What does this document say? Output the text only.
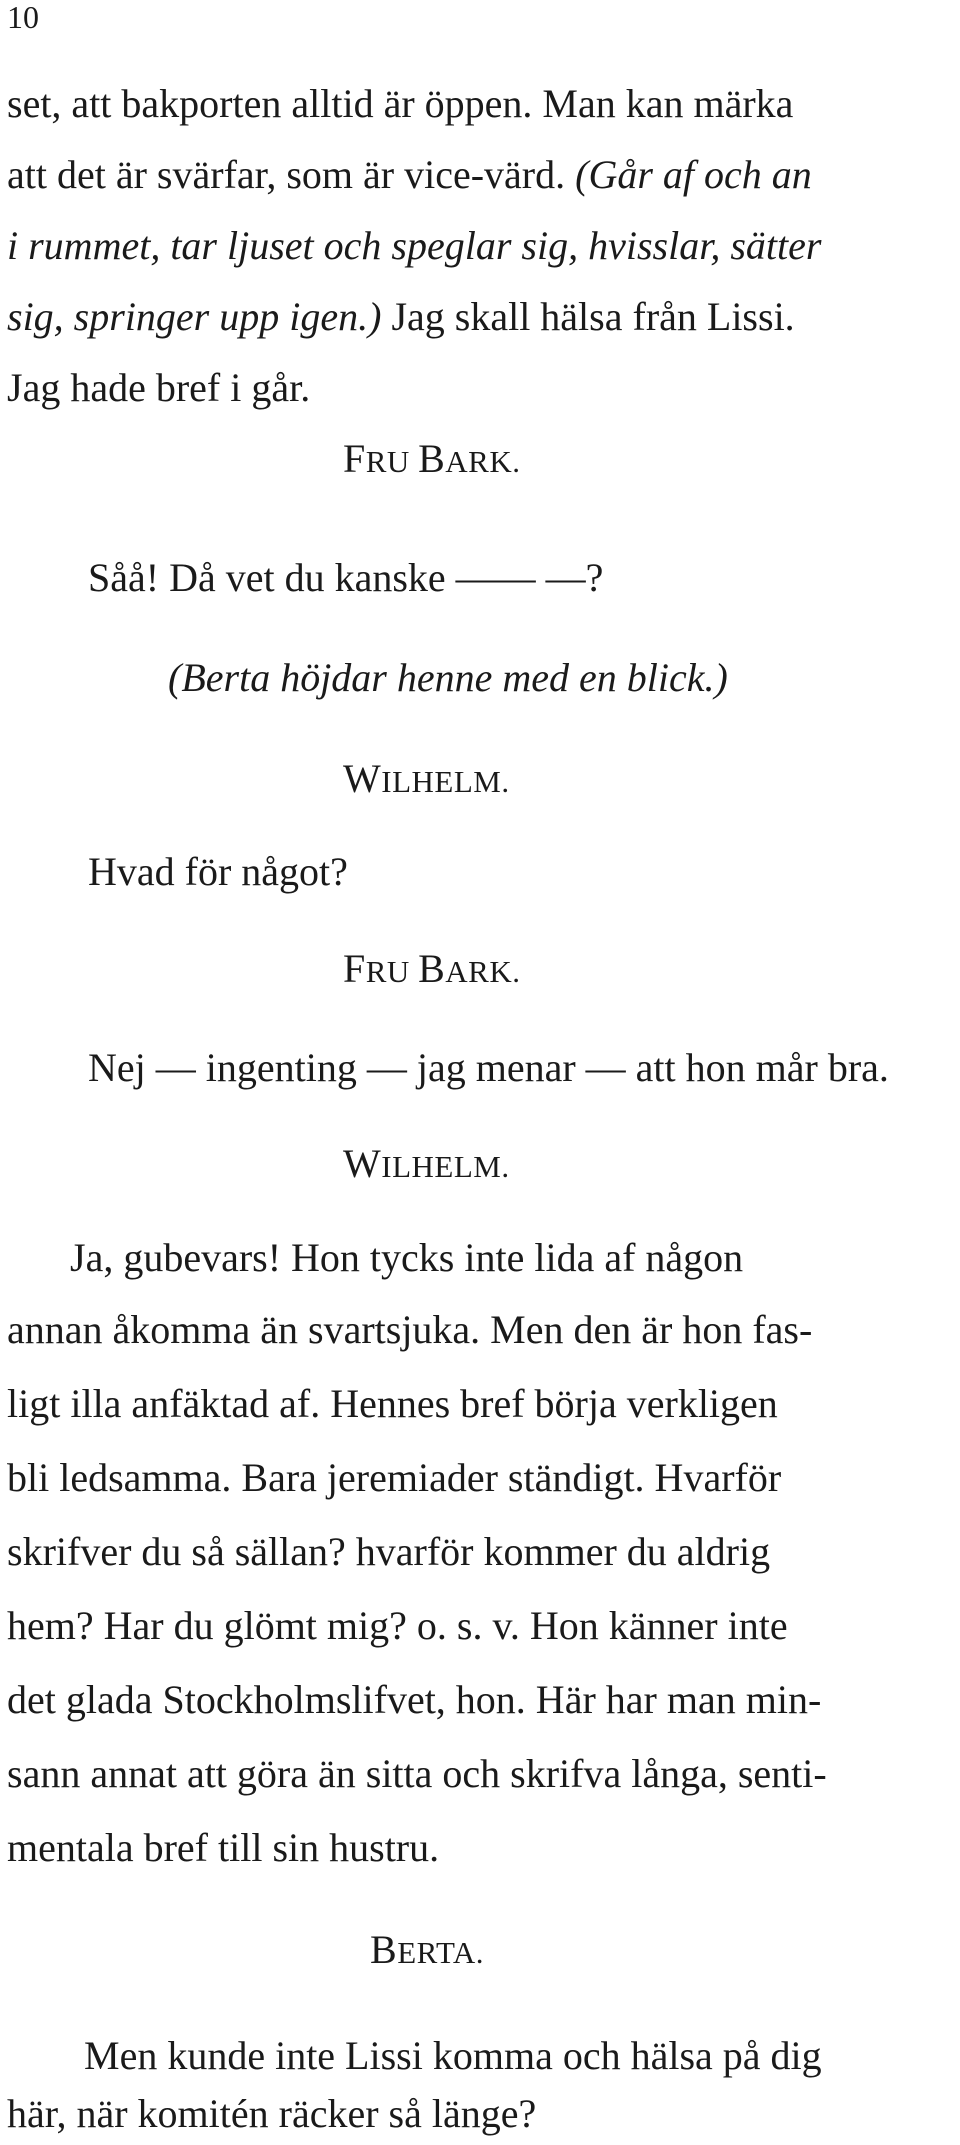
10
set, att bakporten alltid är öppen. Man kan märka
att det är svärfar, som är vice-värd. (Går af och an
i rummet, tar ljuset och speglar sig, hvisslar, sätter
sig, springer upp igen.) Jag skall hälsa från Lissi.
Jag hade bref i går.
FRU BARK.
Såå! Då vet du kanske —— —?
(Berta höjdar henne med en blick.)
WILHELM.
Hvad för något?
FRU BARK.
Nej — ingenting — jag menar — att hon mår bra.
WILHELM.
Ja, gubevars! Hon tycks inte lida af någon
annan åkomma än svartsjuka. Men den är hon fas-
ligt illa anfäktad af. Hennes bref börja verkligen
bli ledsamma. Bara jeremiader ständigt. Hvarför
skrifver du så sällan? hvarför kommer du aldrig
hem? Har du glömt mig? o. s. v. Hon känner inte
det glada Stockholmslifvet, hon. Här har man min-
sann annat att göra än sitta och skrifva långa, senti-
mentala bref till sin hustru.
BERTA.
Men kunde inte Lissi komma och hälsa på dig
här, när komitén räcker så länge?
